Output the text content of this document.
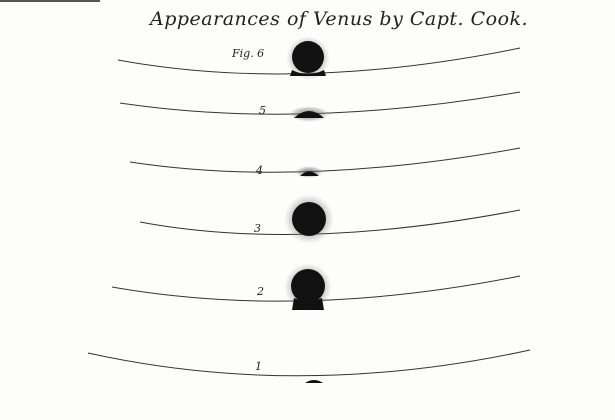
Appearances of Venus by Capt. Cook.
Fig. 6
5
4
3
2
1
